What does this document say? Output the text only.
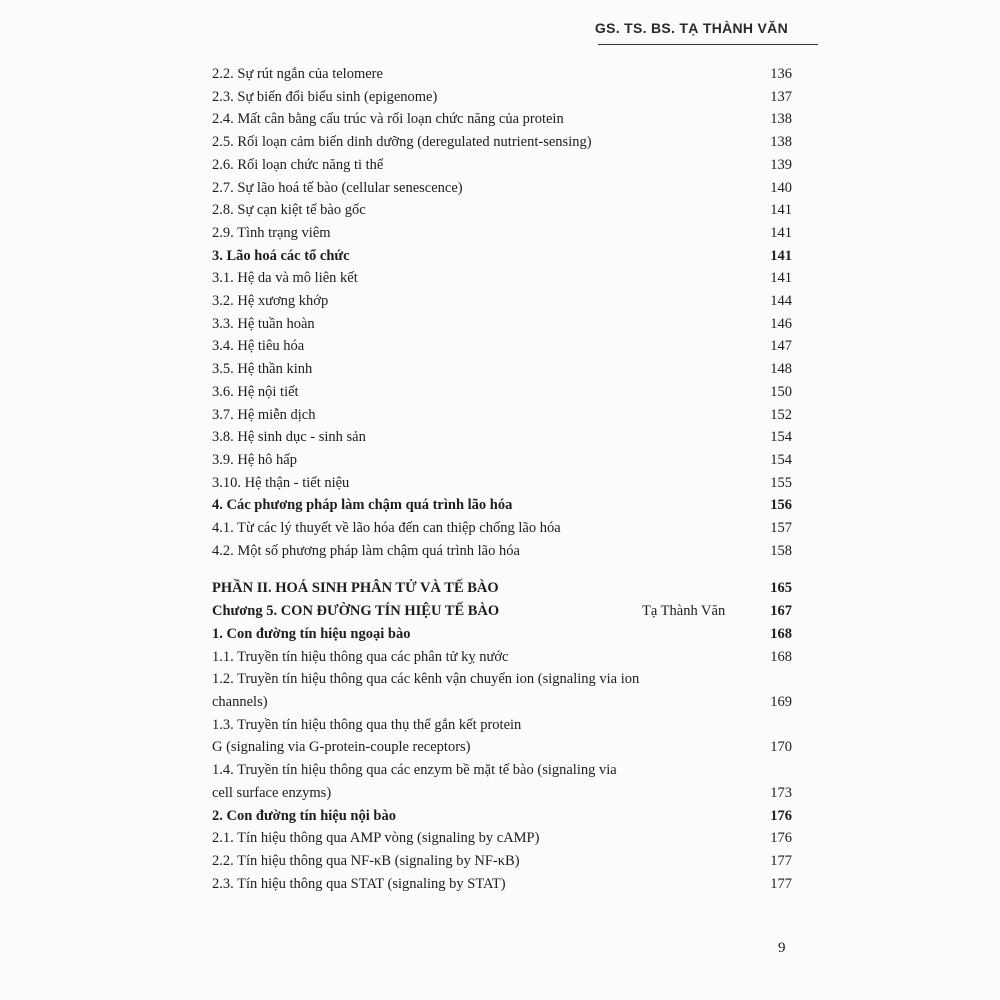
GS. TS. BS. TẠ THÀNH VĂN
2.2. Sự rút ngắn của telomere	136
2.3. Sự biến đổi biểu sinh (epigenome)	137
2.4. Mất cân bằng cấu trúc và rối loạn chức năng của protein	138
2.5. Rối loạn cảm biến dinh dưỡng (deregulated nutrient-sensing)	138
2.6. Rối loạn chức năng ti thể	139
2.7. Sự lão hoá tế bào (cellular senescence)	140
2.8. Sự cạn kiệt tế bào gốc	141
2.9. Tình trạng viêm	141
3. Lão hoá các tổ chức	141
3.1. Hệ da và mô liên kết	141
3.2. Hệ xương khớp	144
3.3. Hệ tuần hoàn	146
3.4. Hệ tiêu hóa	147
3.5. Hệ thần kinh	148
3.6. Hệ nội tiết	150
3.7. Hệ miễn dịch	152
3.8. Hệ sinh dục - sinh sản	154
3.9. Hệ hô hấp	154
3.10. Hệ thận - tiết niệu	155
4. Các phương pháp làm chậm quá trình lão hóa	156
4.1. Từ các lý thuyết về lão hóa đến can thiệp chống lão hóa	157
4.2. Một số phương pháp làm chậm quá trình lão hóa	158
PHẦN II. HOÁ SINH PHÂN TỬ VÀ TẾ BÀO	165
Chương 5. CON ĐƯỜNG TÍN HIỆU TẾ BÀO	Tạ Thành Văn	167
1. Con đường tín hiệu ngoại bào	168
1.1. Truyền tín hiệu thông qua các phân tử kỵ nước	168
1.2. Truyền tín hiệu thông qua các kênh vận chuyển ion (signaling via ion
channels)	169
1.3. Truyền tín hiệu thông qua thụ thể gắn kết protein
G (signaling via G-protein-couple receptors)	170
1.4. Truyền tín hiệu thông qua các enzym bề mặt tế bào (signaling via
cell surface enzyms)	173
2. Con đường tín hiệu nội bào	176
2.1. Tín hiệu thông qua AMP vòng (signaling by cAMP)	176
2.2. Tín hiệu thông qua NF-κB (signaling by NF-κB)	177
2.3. Tín hiệu thông qua STAT (signaling by STAT)	177
9
